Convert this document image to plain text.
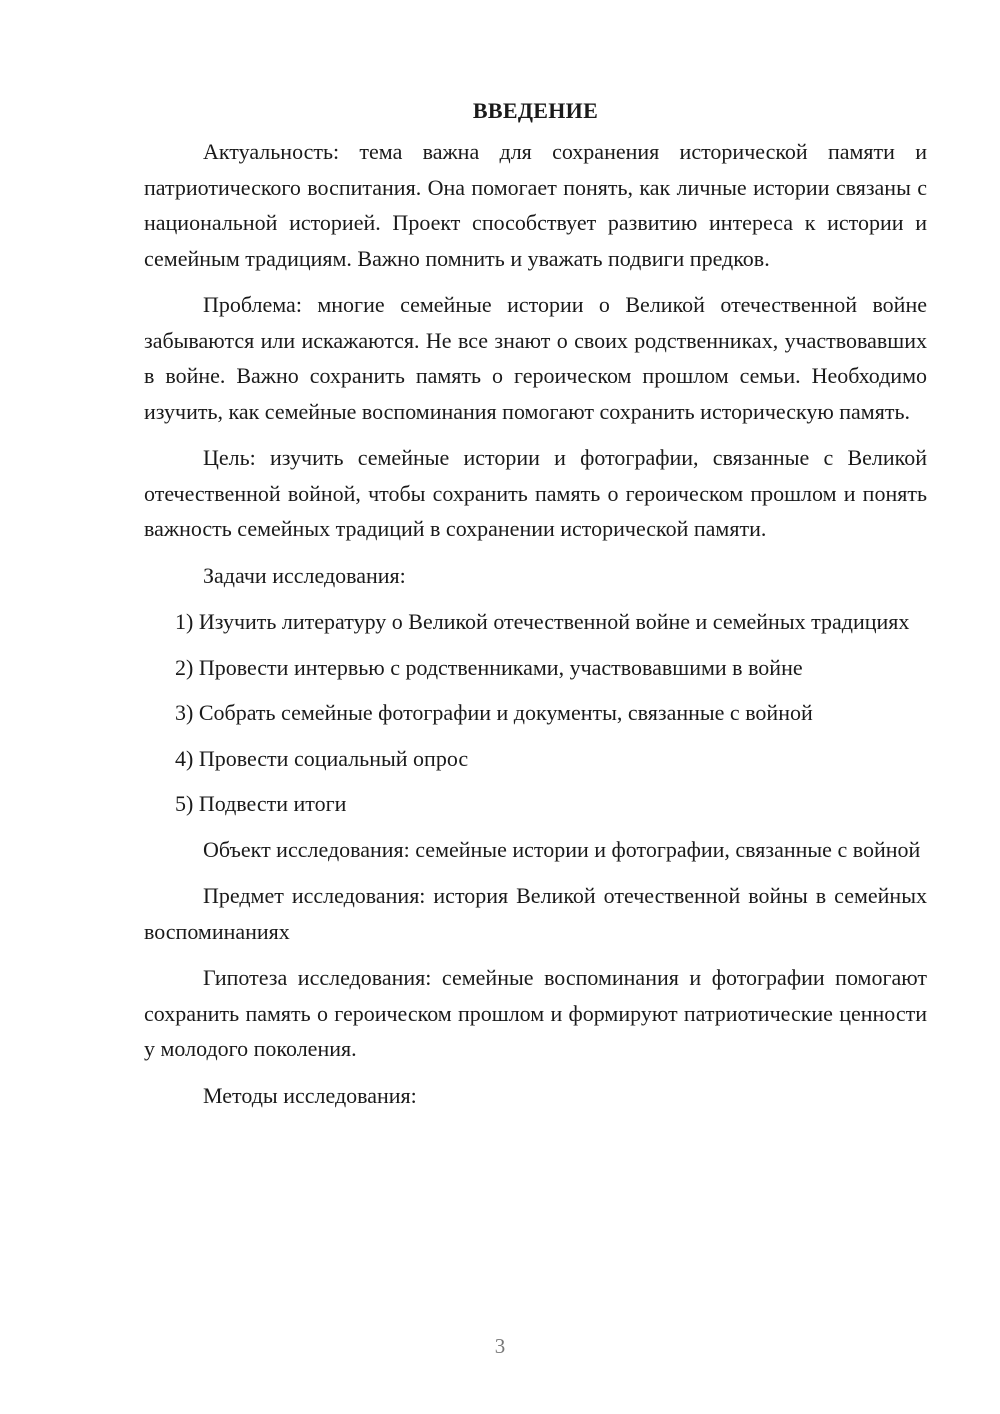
ВВЕДЕНИЕ

Актуальность: тема важна для сохранения исторической памяти и патриотического воспитания. Она помогает понять, как личные истории связаны с национальной историей. Проект способствует развитию интереса к истории и семейным традициям. Важно помнить и уважать подвиги предков.

Проблема: многие семейные истории о Великой отечественной войне забываются или искажаются. Не все знают о своих родственниках, участвовавших в войне. Важно сохранить память о героическом прошлом семьи. Необходимо изучить, как семейные воспоминания помогают сохранить историческую память.

Цель: изучить семейные истории и фотографии, связанные с Великой отечественной войной, чтобы сохранить память о героическом прошлом и понять важность семейных традиций в сохранении исторической памяти.

Задачи исследования:

1) Изучить литературу о Великой отечественной войне и семейных традициях

2) Провести интервью с родственниками, участвовавшими в войне

3) Собрать семейные фотографии и документы, связанные с войной

4) Провести социальный опрос

5) Подвести итоги

Объект исследования: семейные истории и фотографии, связанные с войной

Предмет исследования: история Великой отечественной войны в семейных воспоминаниях

Гипотеза исследования: семейные воспоминания и фотографии помогают сохранить память о героическом прошлом и формируют патриотические ценности у молодого поколения.

Методы исследования:

3
